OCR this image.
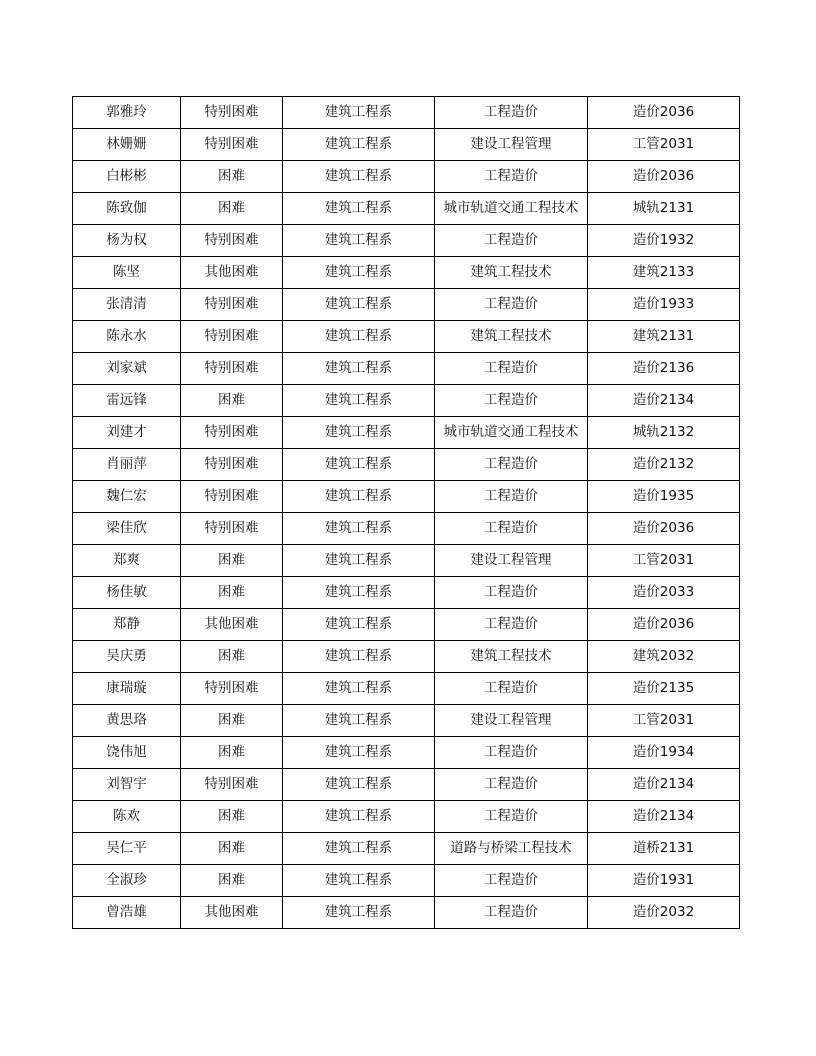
郭雅玲	特别困难	建筑工程系	工程造价	造价2036
林姗姗	特别困难	建筑工程系	建设工程管理	工管2031
白彬彬	困难	建筑工程系	工程造价	造价2036
陈致伽	困难	建筑工程系	城市轨道交通工程技术	城轨2131
杨为权	特别困难	建筑工程系	工程造价	造价1932
陈坚	其他困难	建筑工程系	建筑工程技术	建筑2133
张清清	特别困难	建筑工程系	工程造价	造价1933
陈永水	特别困难	建筑工程系	建筑工程技术	建筑2131
刘家斌	特别困难	建筑工程系	工程造价	造价2136
雷远锋	困难	建筑工程系	工程造价	造价2134
刘建才	特别困难	建筑工程系	城市轨道交通工程技术	城轨2132
肖丽萍	特别困难	建筑工程系	工程造价	造价2132
魏仁宏	特别困难	建筑工程系	工程造价	造价1935
梁佳欣	特别困难	建筑工程系	工程造价	造价2036
郑爽	困难	建筑工程系	建设工程管理	工管2031
杨佳敏	困难	建筑工程系	工程造价	造价2033
郑静	其他困难	建筑工程系	工程造价	造价2036
吴庆勇	困难	建筑工程系	建筑工程技术	建筑2032
康瑞璇	特别困难	建筑工程系	工程造价	造价2135
黄思珞	困难	建筑工程系	建设工程管理	工管2031
饶伟旭	困难	建筑工程系	工程造价	造价1934
刘智宇	特别困难	建筑工程系	工程造价	造价2134
陈欢	困难	建筑工程系	工程造价	造价2134
吴仁平	困难	建筑工程系	道路与桥梁工程技术	道桥2131
全淑珍	困难	建筑工程系	工程造价	造价1931
曾浩雄	其他困难	建筑工程系	工程造价	造价2032
